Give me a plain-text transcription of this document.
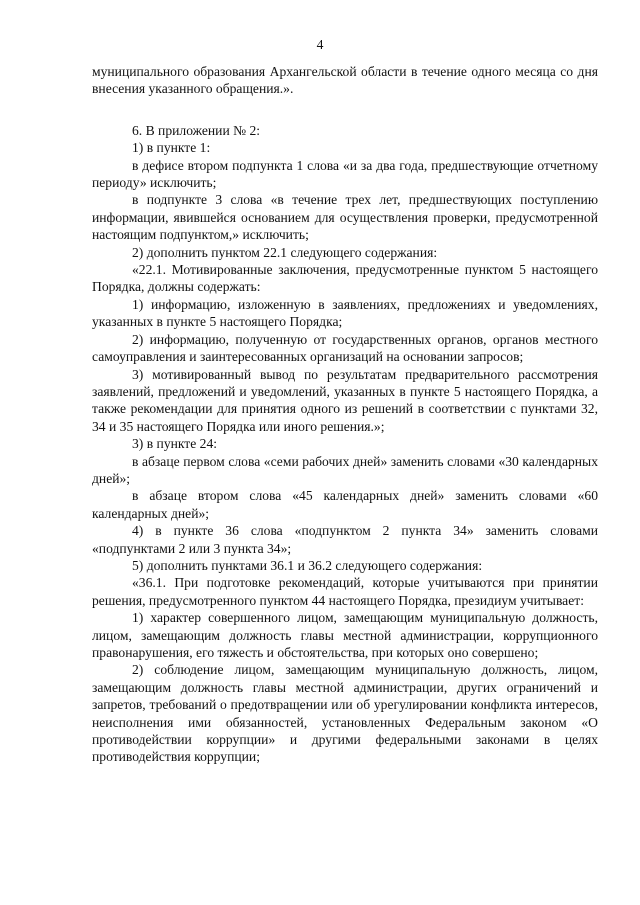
4

муниципального образования Архангельской области в течение одного месяца со дня внесения указанного обращения.».

6. В приложении № 2:

1) в пункте 1:

в дефисе втором подпункта 1 слова «и за два года, предшествующие отчетному периоду» исключить;

в подпункте 3 слова «в течение трех лет, предшествующих поступлению информации, явившейся основанием для осуществления проверки, предусмотренной настоящим подпунктом,» исключить;

2) дополнить пунктом 22.1 следующего содержания:

«22.1. Мотивированные заключения, предусмотренные пунктом 5 настоящего Порядка, должны содержать:

1) информацию, изложенную в заявлениях, предложениях и уведомлениях, указанных в пункте 5 настоящего Порядка;

2) информацию, полученную от государственных органов, органов местного самоуправления и заинтересованных организаций на основании запросов;

3) мотивированный вывод по результатам предварительного рассмотрения заявлений, предложений и уведомлений, указанных в пункте 5 настоящего Порядка, а также рекомендации для принятия одного из решений в соответствии с пунктами 32, 34 и 35 настоящего Порядка или иного решения.»;

3) в пункте 24:

в абзаце первом слова «семи рабочих дней» заменить словами «30 календарных дней»;

в абзаце втором слова «45 календарных дней» заменить словами «60 календарных дней»;

4) в пункте 36 слова «подпунктом 2 пункта 34» заменить словами «подпунктами 2 или 3 пункта 34»;

5) дополнить пунктами 36.1 и 36.2 следующего содержания:

«36.1. При подготовке рекомендаций, которые учитываются при принятии решения, предусмотренного пунктом 44 настоящего Порядка, президиум учитывает:

1) характер совершенного лицом, замещающим муниципальную должность, лицом, замещающим должность главы местной администрации, коррупционного правонарушения, его тяжесть и обстоятельства, при которых оно совершено;

2) соблюдение лицом, замещающим муниципальную должность, лицом, замещающим должность главы местной администрации, других ограничений и запретов, требований о предотвращении или об урегулировании конфликта интересов, неисполнения ими обязанностей, установленных Федеральным законом «О противодействии коррупции» и другими федеральными законами в целях противодействия коррупции;
